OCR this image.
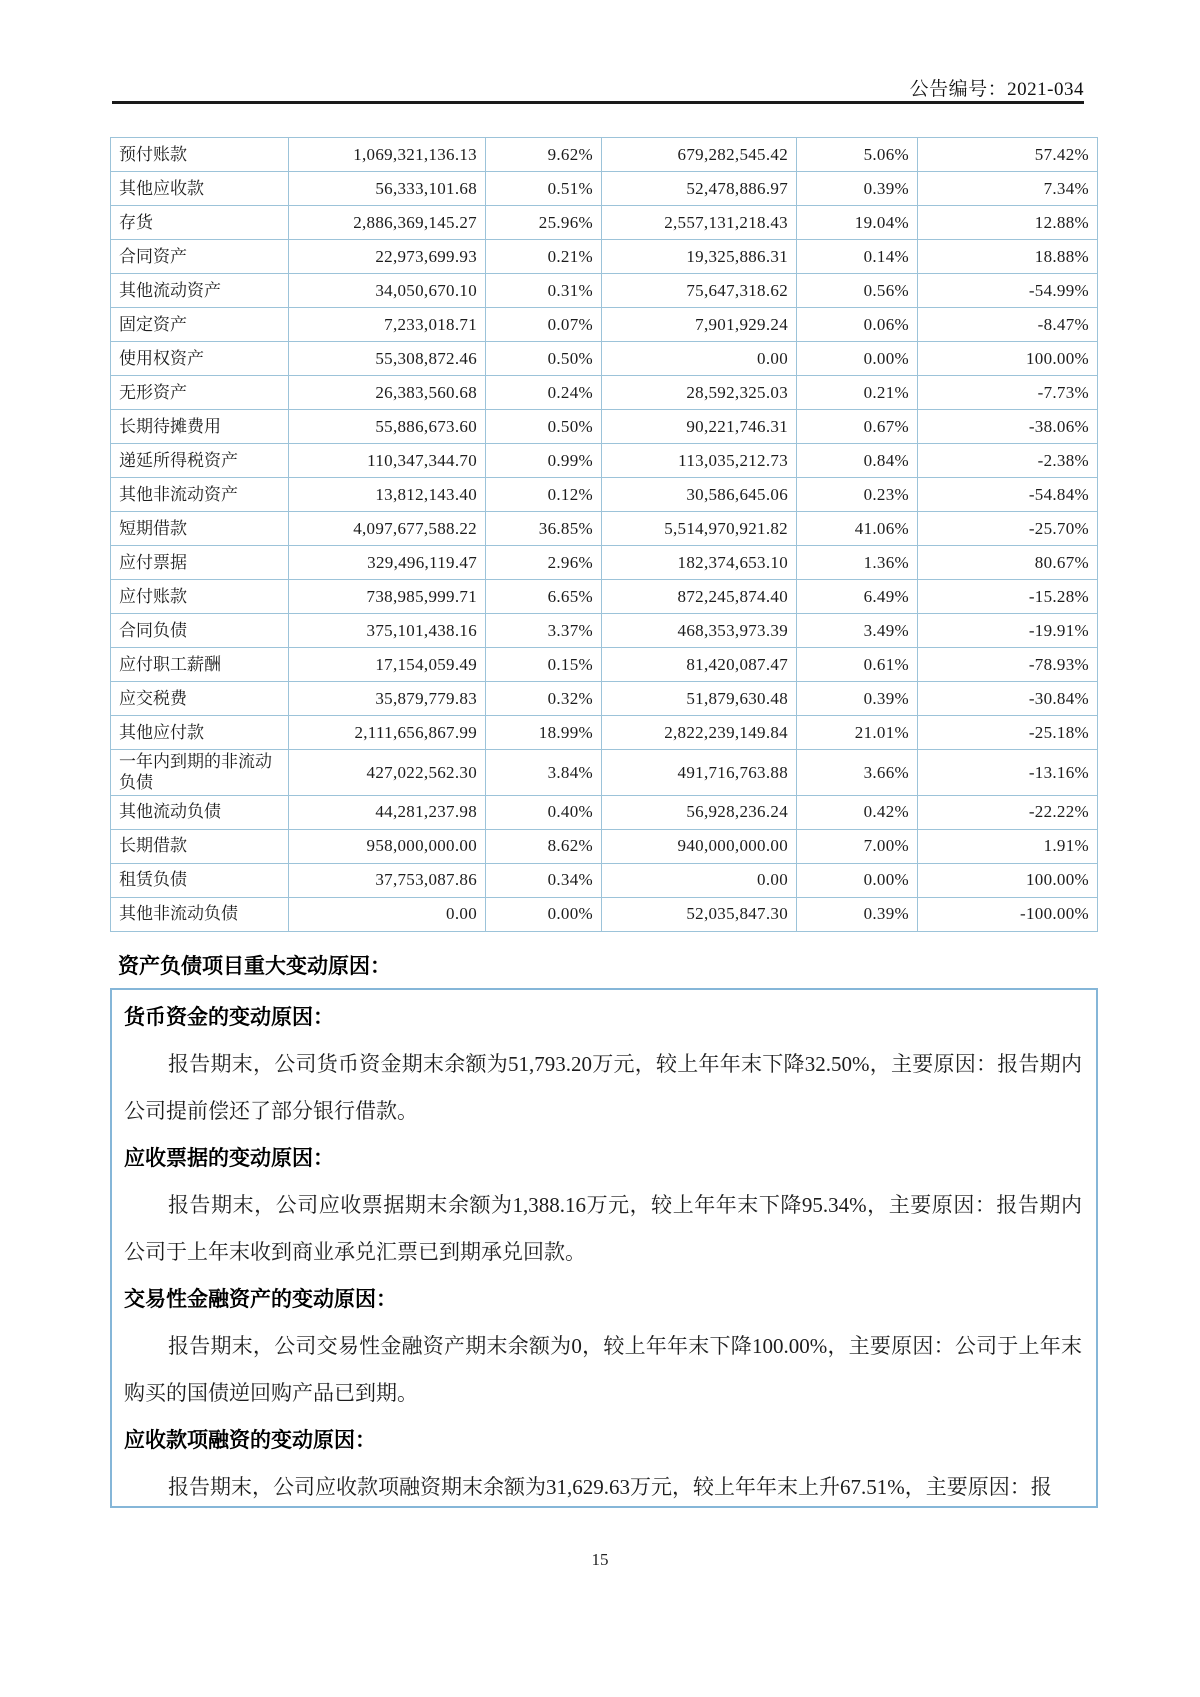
公告编号：2021-034
预付账款	1,069,321,136.13	9.62%	679,282,545.42	5.06%	57.42%
其他应收款	56,333,101.68	0.51%	52,478,886.97	0.39%	7.34%
存货	2,886,369,145.27	25.96%	2,557,131,218.43	19.04%	12.88%
合同资产	22,973,699.93	0.21%	19,325,886.31	0.14%	18.88%
其他流动资产	34,050,670.10	0.31%	75,647,318.62	0.56%	-54.99%
固定资产	7,233,018.71	0.07%	7,901,929.24	0.06%	-8.47%
使用权资产	55,308,872.46	0.50%	0.00	0.00%	100.00%
无形资产	26,383,560.68	0.24%	28,592,325.03	0.21%	-7.73%
长期待摊费用	55,886,673.60	0.50%	90,221,746.31	0.67%	-38.06%
递延所得税资产	110,347,344.70	0.99%	113,035,212.73	0.84%	-2.38%
其他非流动资产	13,812,143.40	0.12%	30,586,645.06	0.23%	-54.84%
短期借款	4,097,677,588.22	36.85%	5,514,970,921.82	41.06%	-25.70%
应付票据	329,496,119.47	2.96%	182,374,653.10	1.36%	80.67%
应付账款	738,985,999.71	6.65%	872,245,874.40	6.49%	-15.28%
合同负债	375,101,438.16	3.37%	468,353,973.39	3.49%	-19.91%
应付职工薪酬	17,154,059.49	0.15%	81,420,087.47	0.61%	-78.93%
应交税费	35,879,779.83	0.32%	51,879,630.48	0.39%	-30.84%
其他应付款	2,111,656,867.99	18.99%	2,822,239,149.84	21.01%	-25.18%
一年内到期的非流动负债	427,022,562.30	3.84%	491,716,763.88	3.66%	-13.16%
其他流动负债	44,281,237.98	0.40%	56,928,236.24	0.42%	-22.22%
长期借款	958,000,000.00	8.62%	940,000,000.00	7.00%	1.91%
租赁负债	37,753,087.86	0.34%	0.00	0.00%	100.00%
其他非流动负债	0.00	0.00%	52,035,847.30	0.39%	-100.00%
资产负债项目重大变动原因：
货币资金的变动原因：

报告期末，公司货币资金期末余额为51,793.20万元，较上年年末下降32.50%，主要原因：报告期内公司提前偿还了部分银行借款。

应收票据的变动原因：

报告期末，公司应收票据期末余额为1,388.16万元，较上年年末下降95.34%，主要原因：报告期内公司于上年末收到商业承兑汇票已到期承兑回款。

交易性金融资产的变动原因：

报告期末，公司交易性金融资产期末余额为0，较上年年末下降100.00%，主要原因：公司于上年末购买的国债逆回购产品已到期。

应收款项融资的变动原因：

报告期末，公司应收款项融资期末余额为31,629.63万元，较上年年末上升67.51%，主要原因：报

15
